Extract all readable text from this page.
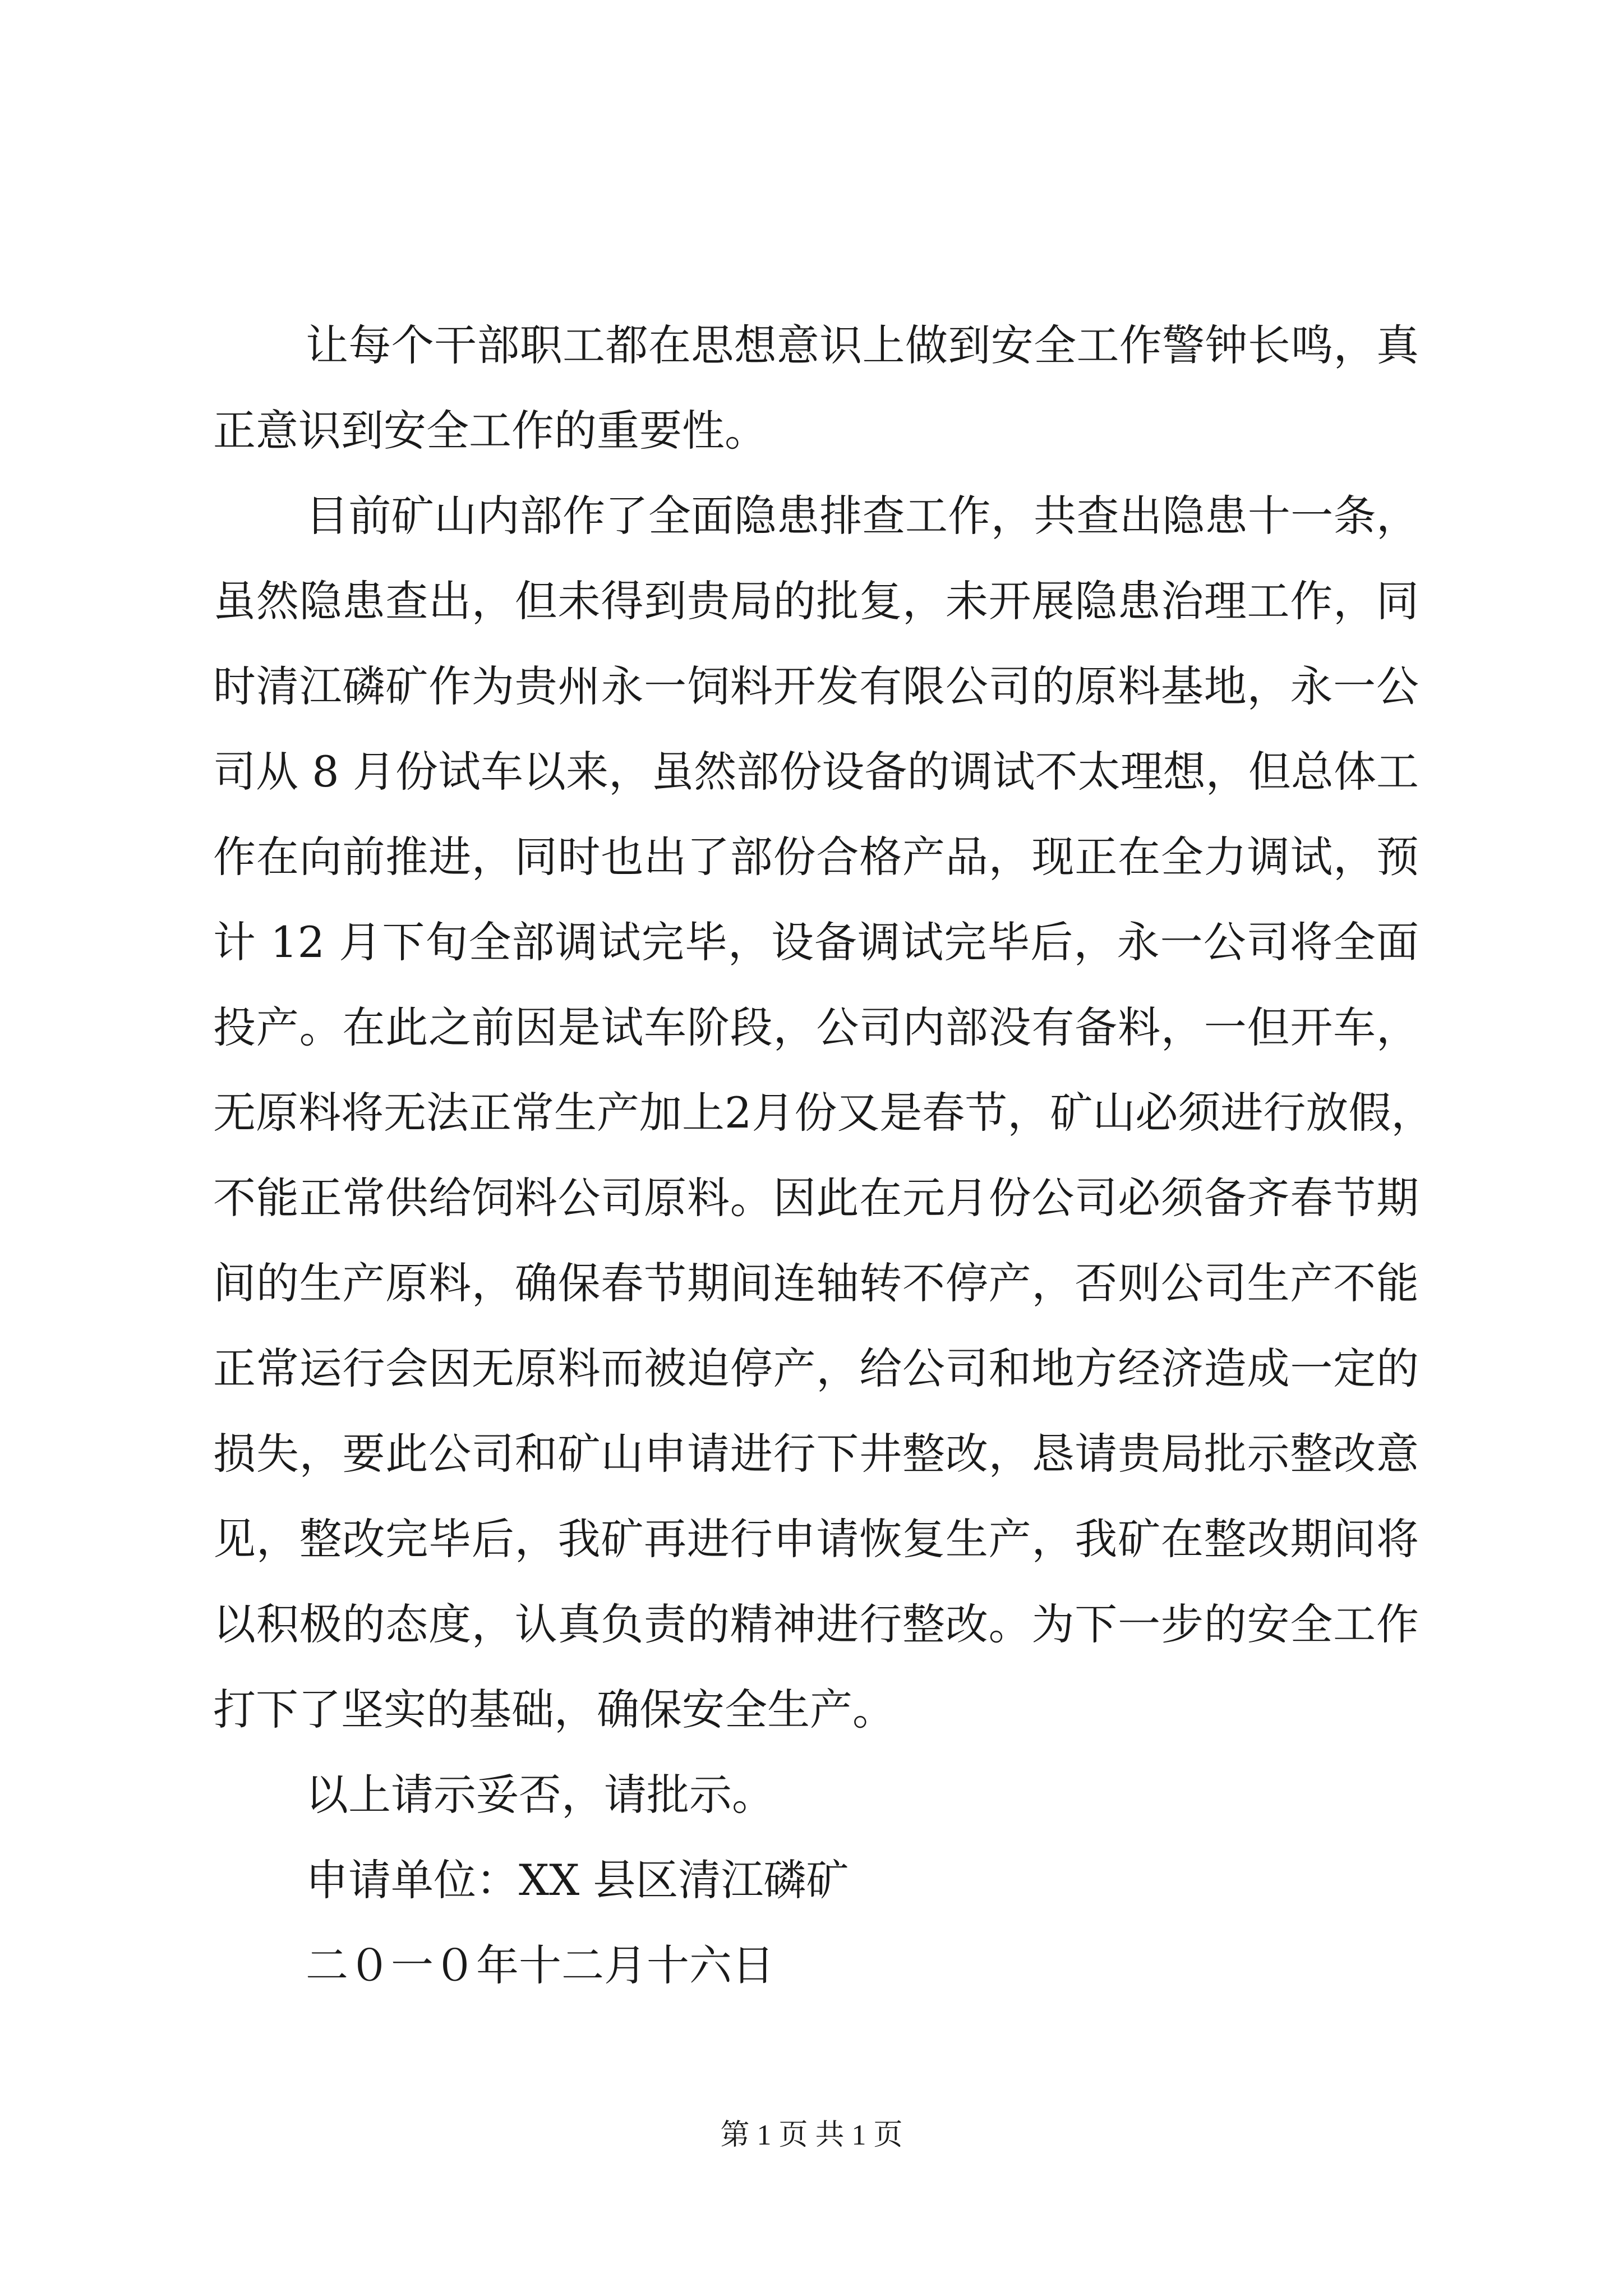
让每个干部职工都在思想意识上做到安全工作警钟长鸣，真
正意识到安全工作的重要性。
目前矿山内部作了全面隐患排查工作，共查出隐患十一条，
虽然隐患查出，但未得到贵局的批复，未开展隐患治理工作，同
时清江磷矿作为贵州永一饲料开发有限公司的原料基地，永一公
司从 8 月份试车以来，虽然部份设备的调试不太理想，但总体工
作在向前推进，同时也出了部份合格产品，现正在全力调试，预
计 12 月下旬全部调试完毕，设备调试完毕后，永一公司将全面
投产。在此之前因是试车阶段，公司内部没有备料，一但开车，
无原料将无法正常生产加上2月份又是春节，矿山必须进行放假，
不能正常供给饲料公司原料。因此在元月份公司必须备齐春节期
间的生产原料，确保春节期间连轴转不停产，否则公司生产不能
正常运行会因无原料而被迫停产，给公司和地方经济造成一定的
损失，要此公司和矿山申请进行下井整改，恳请贵局批示整改意
见，整改完毕后，我矿再进行申请恢复生产，我矿在整改期间将
以积极的态度，认真负责的精神进行整改。为下一步的安全工作
打下了坚实的基础，确保安全生产。
以上请示妥否，请批示。
申请单位：XX 县区清江磷矿
二０一０年十二月十六日
第 1 页 共 1 页
